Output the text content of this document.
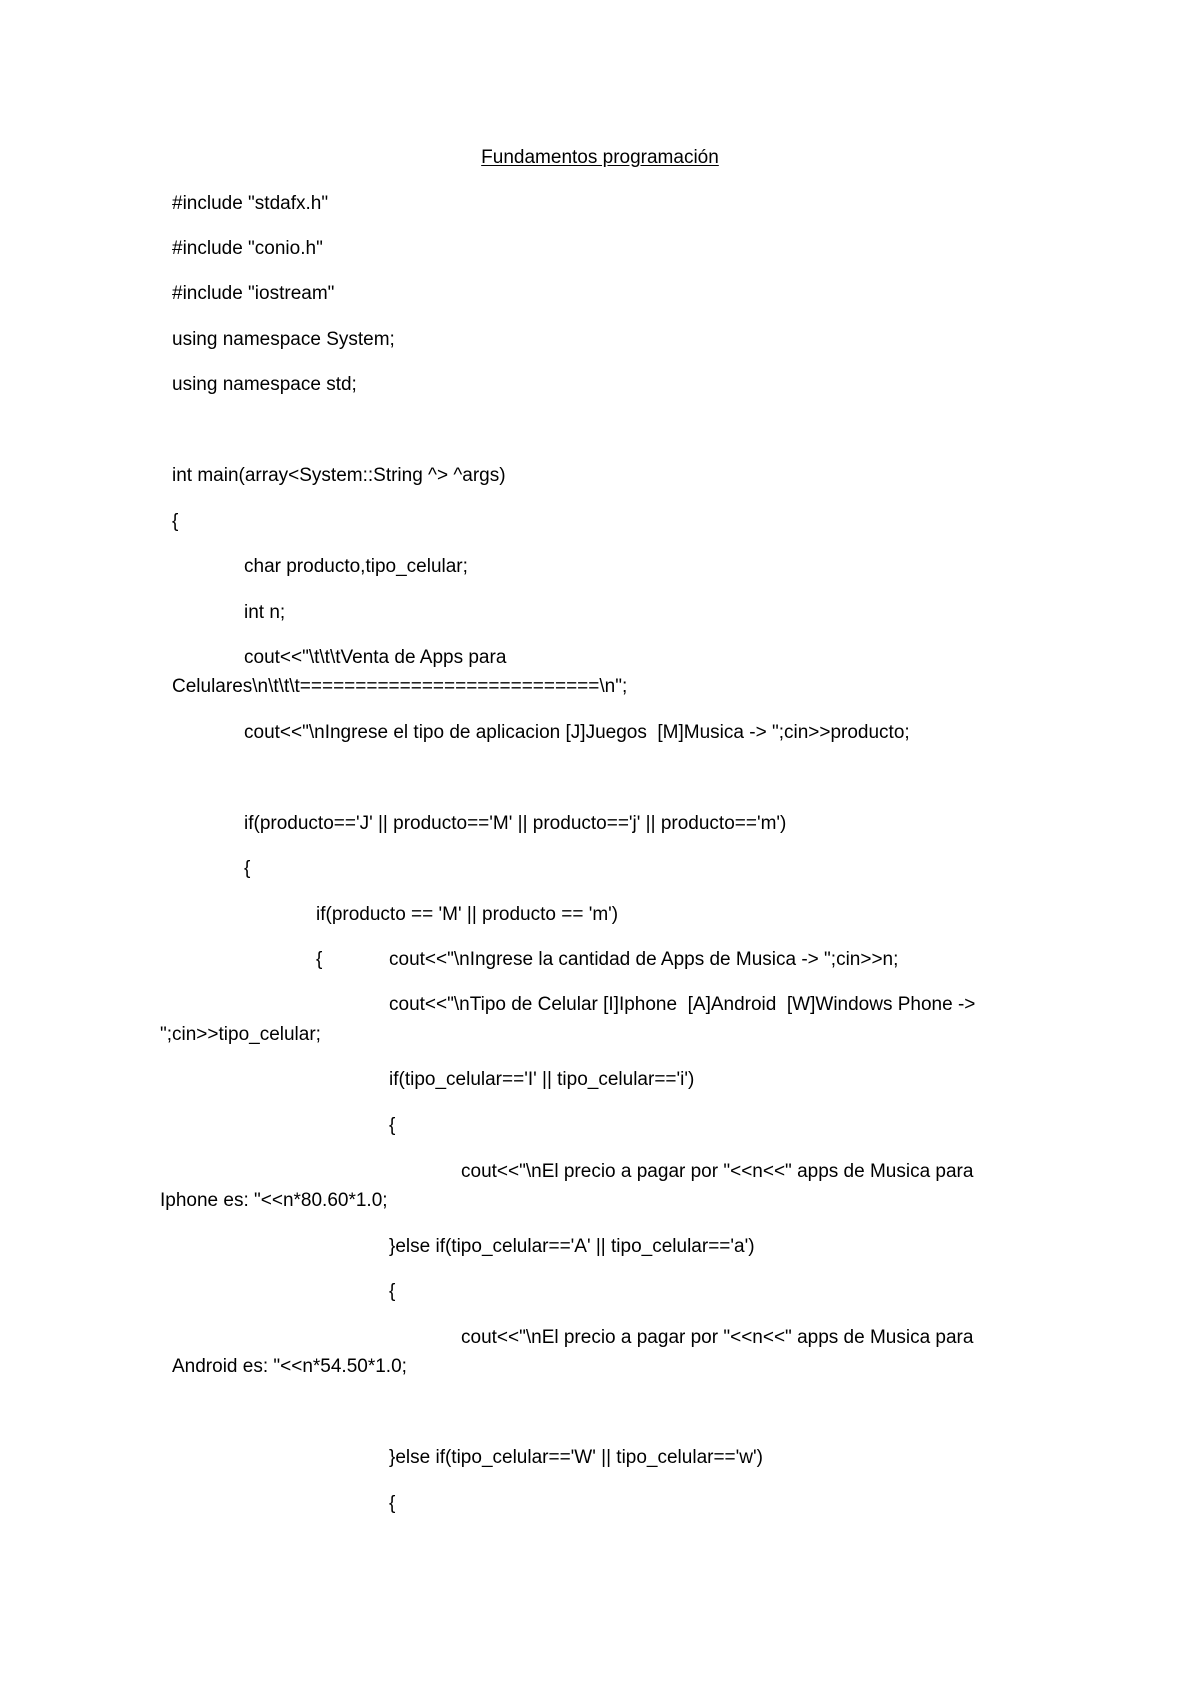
Fundamentos programación
#include "stdafx.h"
#include "conio.h"
#include "iostream"
using namespace System;
using namespace std;
int main(array<System::String ^> ^args)
{
char producto,tipo_celular;
int n;
cout<<"\t\t\tVenta de Apps para
Celulares\n\t\t\t===========================\n";
cout<<"\nIngrese el tipo de aplicacion [J]Juegos  [M]Musica -> ";cin>>producto;
if(producto=='J' || producto=='M' || producto=='j' || producto=='m')
{
if(producto == 'M' || producto == 'm')
{	cout<<"\nIngrese la cantidad de Apps de Musica -> ";cin>>n;
cout<<"\nTipo de Celular [I]Iphone  [A]Android  [W]Windows Phone ->
";cin>>tipo_celular;
if(tipo_celular=='I' || tipo_celular=='i')
{
cout<<"\nEl precio a pagar por "<<n<<" apps de Musica para
Iphone es: "<<n*80.60*1.0;
}else if(tipo_celular=='A' || tipo_celular=='a')
{
cout<<"\nEl precio a pagar por "<<n<<" apps de Musica para
Android es: "<<n*54.50*1.0;
}else if(tipo_celular=='W' || tipo_celular=='w')
{
